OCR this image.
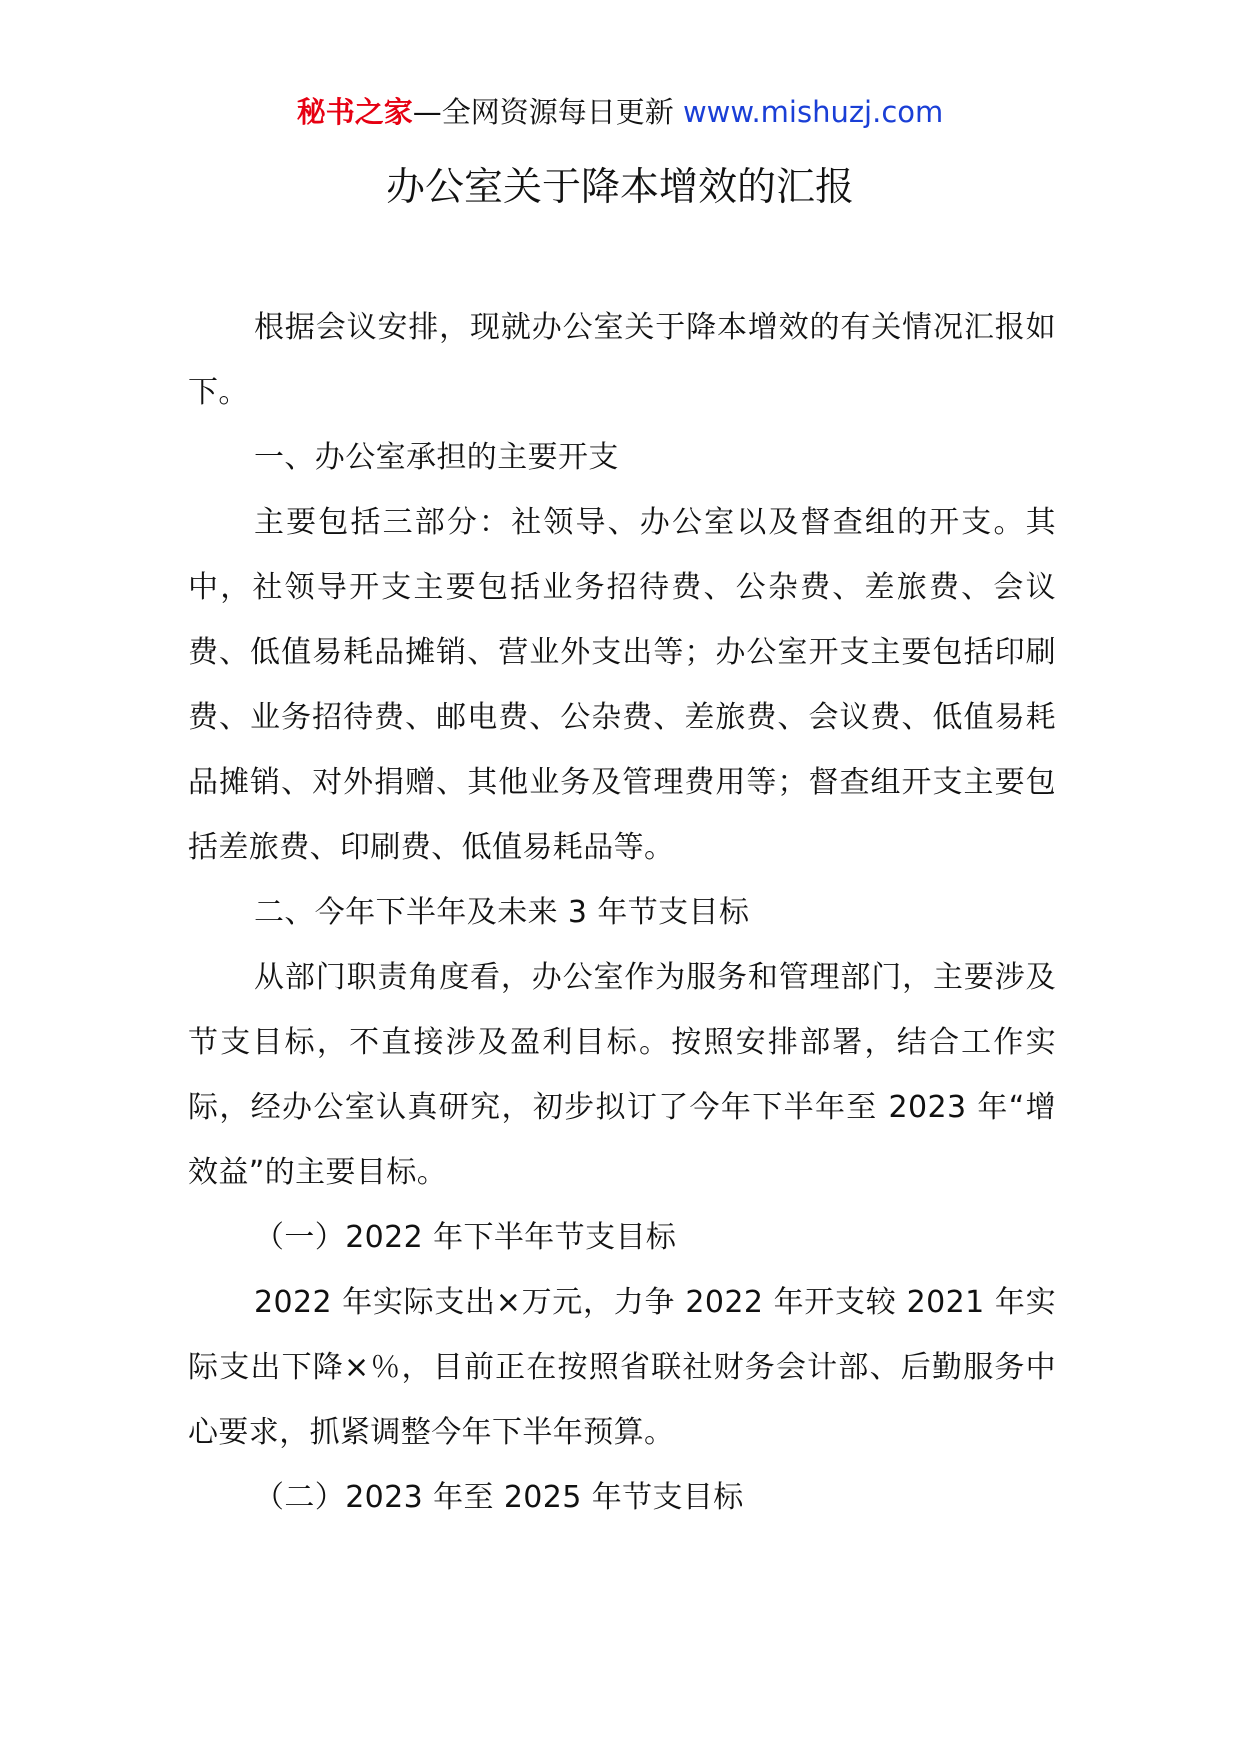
秘书之家—全网资源每日更新 www.mishuzj.com
办公室关于降本增效的汇报

根据会议安排，现就办公室关于降本增效的有关情况汇报如下。

一、办公室承担的主要开支

主要包括三部分：社领导、办公室以及督查组的开支。其中，社领导开支主要包括业务招待费、公杂费、差旅费、会议费、低值易耗品摊销、营业外支出等；办公室开支主要包括印刷费、业务招待费、邮电费、公杂费、差旅费、会议费、低值易耗品摊销、对外捐赠、其他业务及管理费用等；督查组开支主要包括差旅费、印刷费、低值易耗品等。

二、今年下半年及未来 3 年节支目标

从部门职责角度看，办公室作为服务和管理部门，主要涉及节支目标，不直接涉及盈利目标。按照安排部署，结合工作实际，经办公室认真研究，初步拟订了今年下半年至 2023 年“增效益”的主要目标。

（一）2022 年下半年节支目标

2022 年实际支出×万元，力争 2022 年开支较 2021 年实际支出下降×％，目前正在按照省联社财务会计部、后勤服务中心要求，抓紧调整今年下半年预算。

（二）2023 年至 2025 年节支目标
